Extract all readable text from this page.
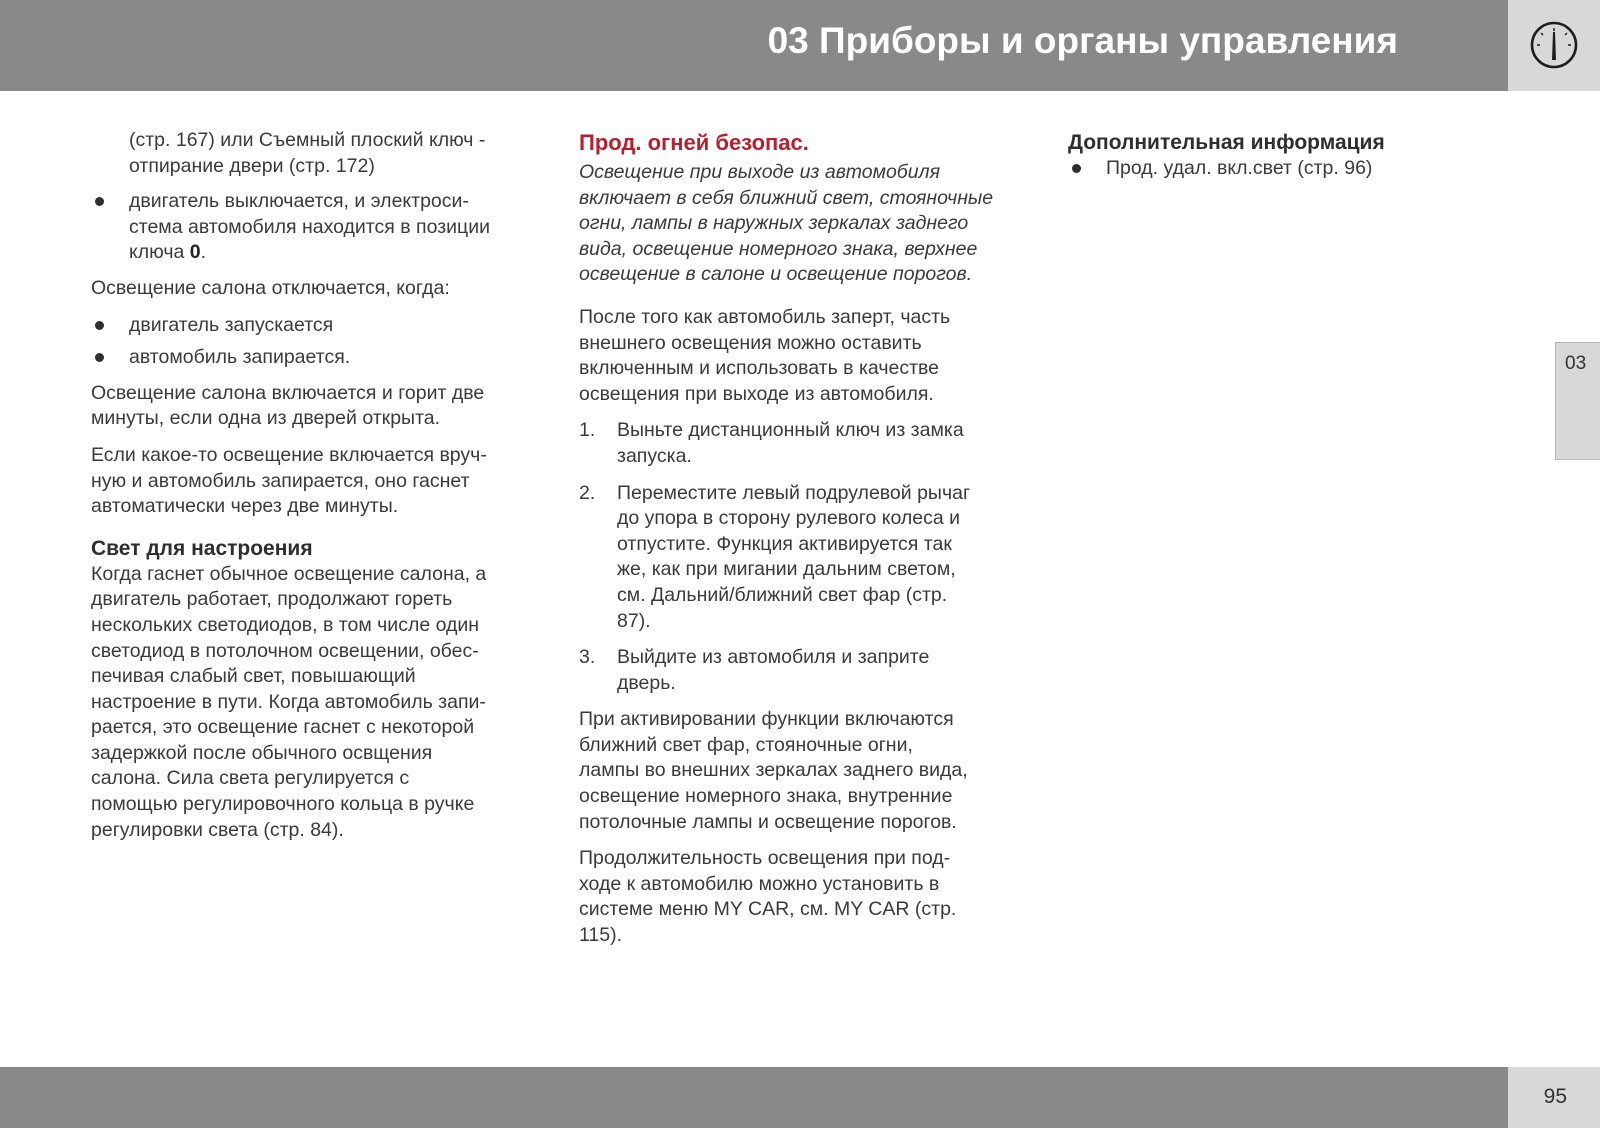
03 Приборы и органы управления
03

(стр. 167) или Съемный плоский ключ -
отпирание двери (стр. 172)

двигатель выключается, и электроси-
стема автомобиля находится в позиции
ключа 0.

Освещение салона отключается, когда:

двигатель запускается
автомобиль запирается.

Освещение салона включается и горит две
минуты, если одна из дверей открыта.

Если какое-то освещение включается вруч-
ную и автомобиль запирается, оно гаснет
автоматически через две минуты.

Свет для настроения

Когда гаснет обычное освещение салона, а
двигатель работает, продолжают гореть
нескольких светодиодов, в том числе один
светодиод в потолочном освещении, обес-
печивая слабый свет, повышающий
настроение в пути. Когда автомобиль запи-
рается, это освещение гаснет с некоторой
задержкой после обычного освщения
салона. Сила света регулируется с
помощью регулировочного кольца в ручке
регулировки света (стр. 84).

Прод. огней безопас.

Освещение при выходе из автомобиля
включает в себя ближний свет, стояночные
огни, лампы в наружных зеркалах заднего
вида, освещение номерного знака, верхнее
освещение в салоне и освещение порогов.

После того как автомобиль заперт, часть
внешнего освещения можно оставить
включенным и использовать в качестве
освещения при выходе из автомобиля.

1. Выньте дистанционный ключ из замка
запуска.
2. Переместите левый подрулевой рычаг
до упора в сторону рулевого колеса и
отпустите. Функция активируется так
же, как при мигании дальним светом,
см. Дальний/ближний свет фар (стр.
87).
3. Выйдите из автомобиля и заприте
дверь.

При активировании функции включаются
ближний свет фар, стояночные огни,
лампы во внешних зеркалах заднего вида,
освещение номерного знака, внутренние
потолочные лампы и освещение порогов.

Продолжительность освещения при под-
ходе к автомобилю можно установить в
системе меню MY CAR, см. MY CAR (стр.
115).

Дополнительная информация
Прод. удал. вкл.свет (стр. 96)
95
